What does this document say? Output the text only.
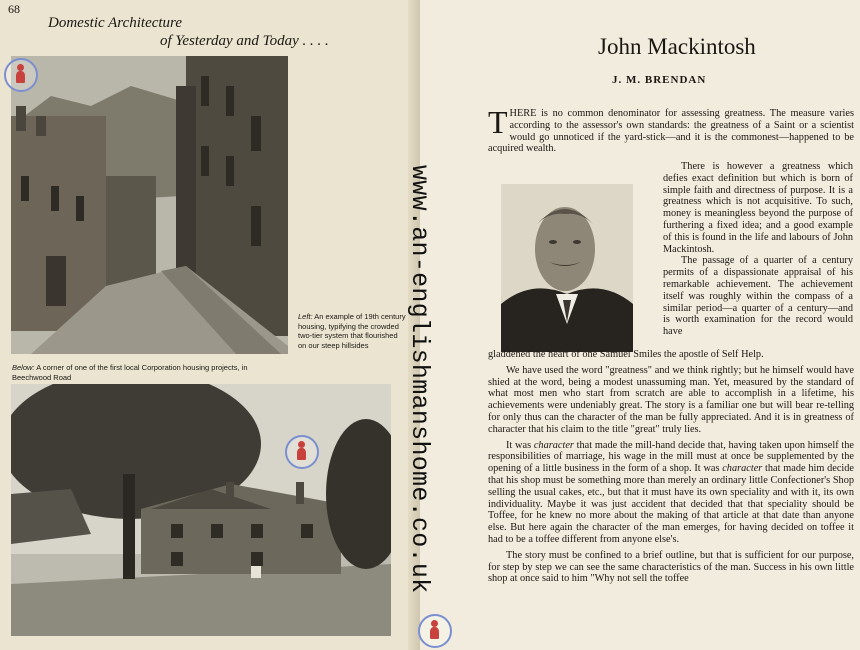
68
Domestic Architecture
of Yesterday and Today . . . .
Left: An example of 19th century housing, typifying the crowded two-tier system that flourished on our steep hillsides
Below: A corner of one of the first local Corporation housing projects, in Beechwood Road
John Mackintosh
J. M. BRENDAN
THERE is no common denominator for assessing greatness. The measure varies according to the assessor's own standards: the greatness of a Saint or a scientist would go unnoticed if the yard-stick—and it is the commonest—happened to be acquired wealth.

There is however a greatness which defies exact definition but which is born of simple faith and directness of purpose. It is a greatness which is not acquisitive. To such, money is meaningless beyond the purpose of furthering a fixed idea; and a good example of this is found in the life and labours of John Mackintosh.

The passage of a quarter of a century permits of a dispassionate appraisal of his remarkable achievement. The achievement itself was roughly within the compass of a similar period—a quarter of a century—and is worth examination for the record would have

gladdened the heart of one Samuel Smiles the apostle of Self Help.

We have used the word "greatness" and we think rightly; but he himself would have shied at the word, being a modest unassuming man. Yet, measured by the standard of what most men who start from scratch are able to accomplish in a lifetime, his achievements were undeniably great. The story is a familiar one but will bear re-telling for only thus can the character of the man be fully appreciated. And it is in greatness of character that his claim to the title "great" truly lies.

It was character that made the mill-hand decide that, having taken upon himself the responsibilities of marriage, his wage in the mill must at once be supplemented by the opening of a little business in the form of a shop. It was character that made him decide that his shop must be something more than merely an ordinary little Confectioner's Shop selling the usual cakes, etc., but that it must have its own speciality and with it, its own individuality. Maybe it was just accident that decided that that speciality should be Toffee, for he knew no more about the making of that article at that date than anyone else. But here again the character of the man emerges, for having decided on toffee it had to be a toffee different from anyone else's.

The story must be confined to a brief outline, but that is sufficient for our purpose, for step by step we can see the same characteristics of the man. Success in his own little shop at once said to him "Why not sell the toffee

www.an-englishmanshome.co.uk
